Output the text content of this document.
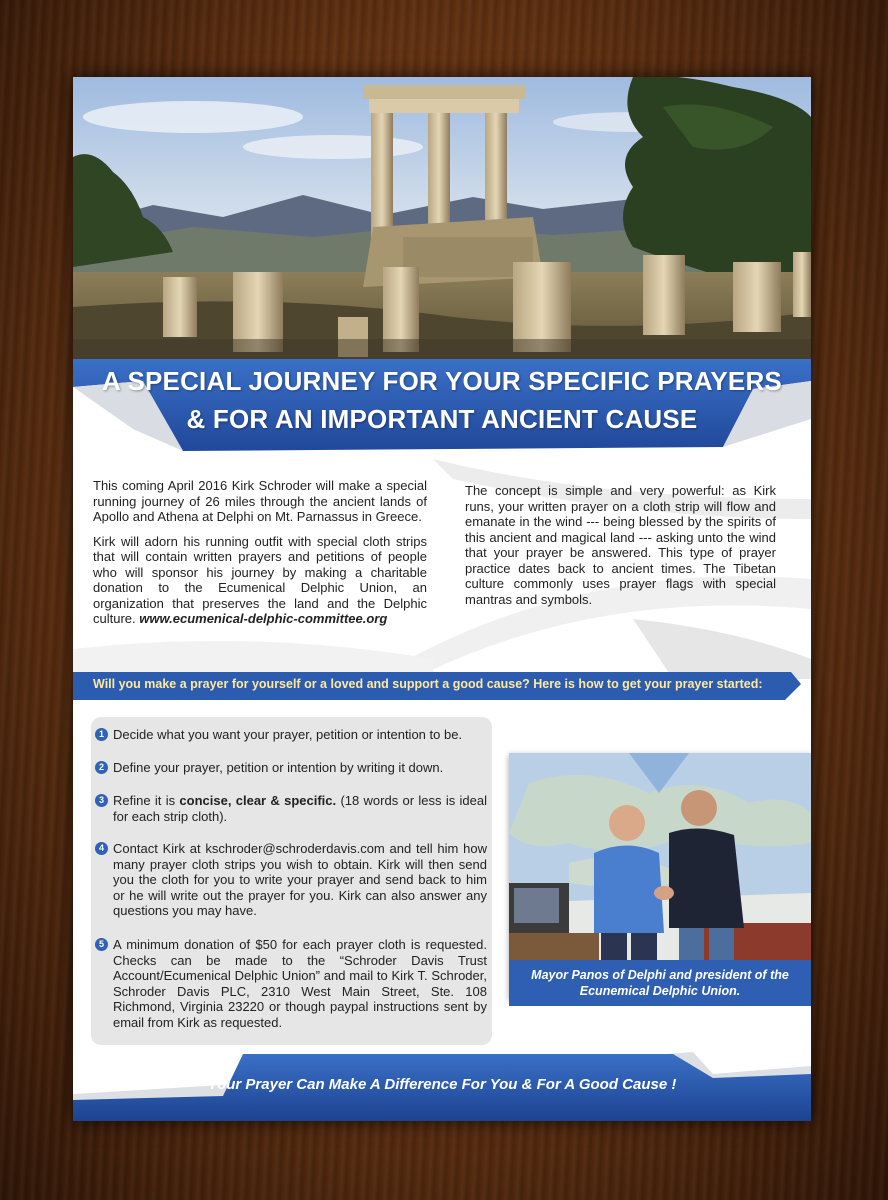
A SPECIAL JOURNEY FOR YOUR SPECIFIC PRAYERS
& FOR AN IMPORTANT ANCIENT CAUSE

This coming April 2016 Kirk Schroder will make a special running journey of 26 miles through the ancient lands of Apollo and Athena at Delphi on Mt. Parnassus in Greece.

Kirk will adorn his running outfit with special cloth strips that will contain written prayers and petitions of people who will sponsor his journey by making a charitable donation to the Ecumenical Delphic Union, an organization that preserves the land and the Delphic culture. www.ecumenical-delphic-committee.org

The concept is simple and very powerful: as Kirk runs, your written prayer on a cloth strip will flow and emanate in the wind --- being blessed by the spirits of this ancient and magical land --- asking unto the wind that your prayer be answered. This type of prayer practice dates back to ancient times. The Tibetan culture commonly uses prayer flags with special mantras and symbols.

Will you make a prayer for yourself or a loved and support a good cause? Here is how to get your prayer started:
1 Decide what you want your prayer, petition or intention to be.
2 Define your prayer, petition or intention by writing it down.
3 Refine it is concise, clear & specific. (18 words or less is ideal for each strip cloth).
4 Contact Kirk at kschroder@schroderdavis.com and tell him how many prayer cloth strips you wish to obtain. Kirk will then send you the cloth for you to write your prayer and send back to him or he will write out the prayer for you. Kirk can also answer any questions you may have.
5 A minimum donation of $50 for each prayer cloth is requested. Checks can be made to the “Schroder Davis Trust Account/Ecumenical Delphic Union” and mail to Kirk T. Schroder, Schroder Davis PLC, 2310 West Main Street, Ste. 108 Richmond, Virginia 23220 or though paypal instructions sent by email from Kirk as requested.
Mayor Panos of Delphi and president of the
Ecunemical Delphic Union.
Your Prayer Can Make A Difference For You & For A Good Cause !
